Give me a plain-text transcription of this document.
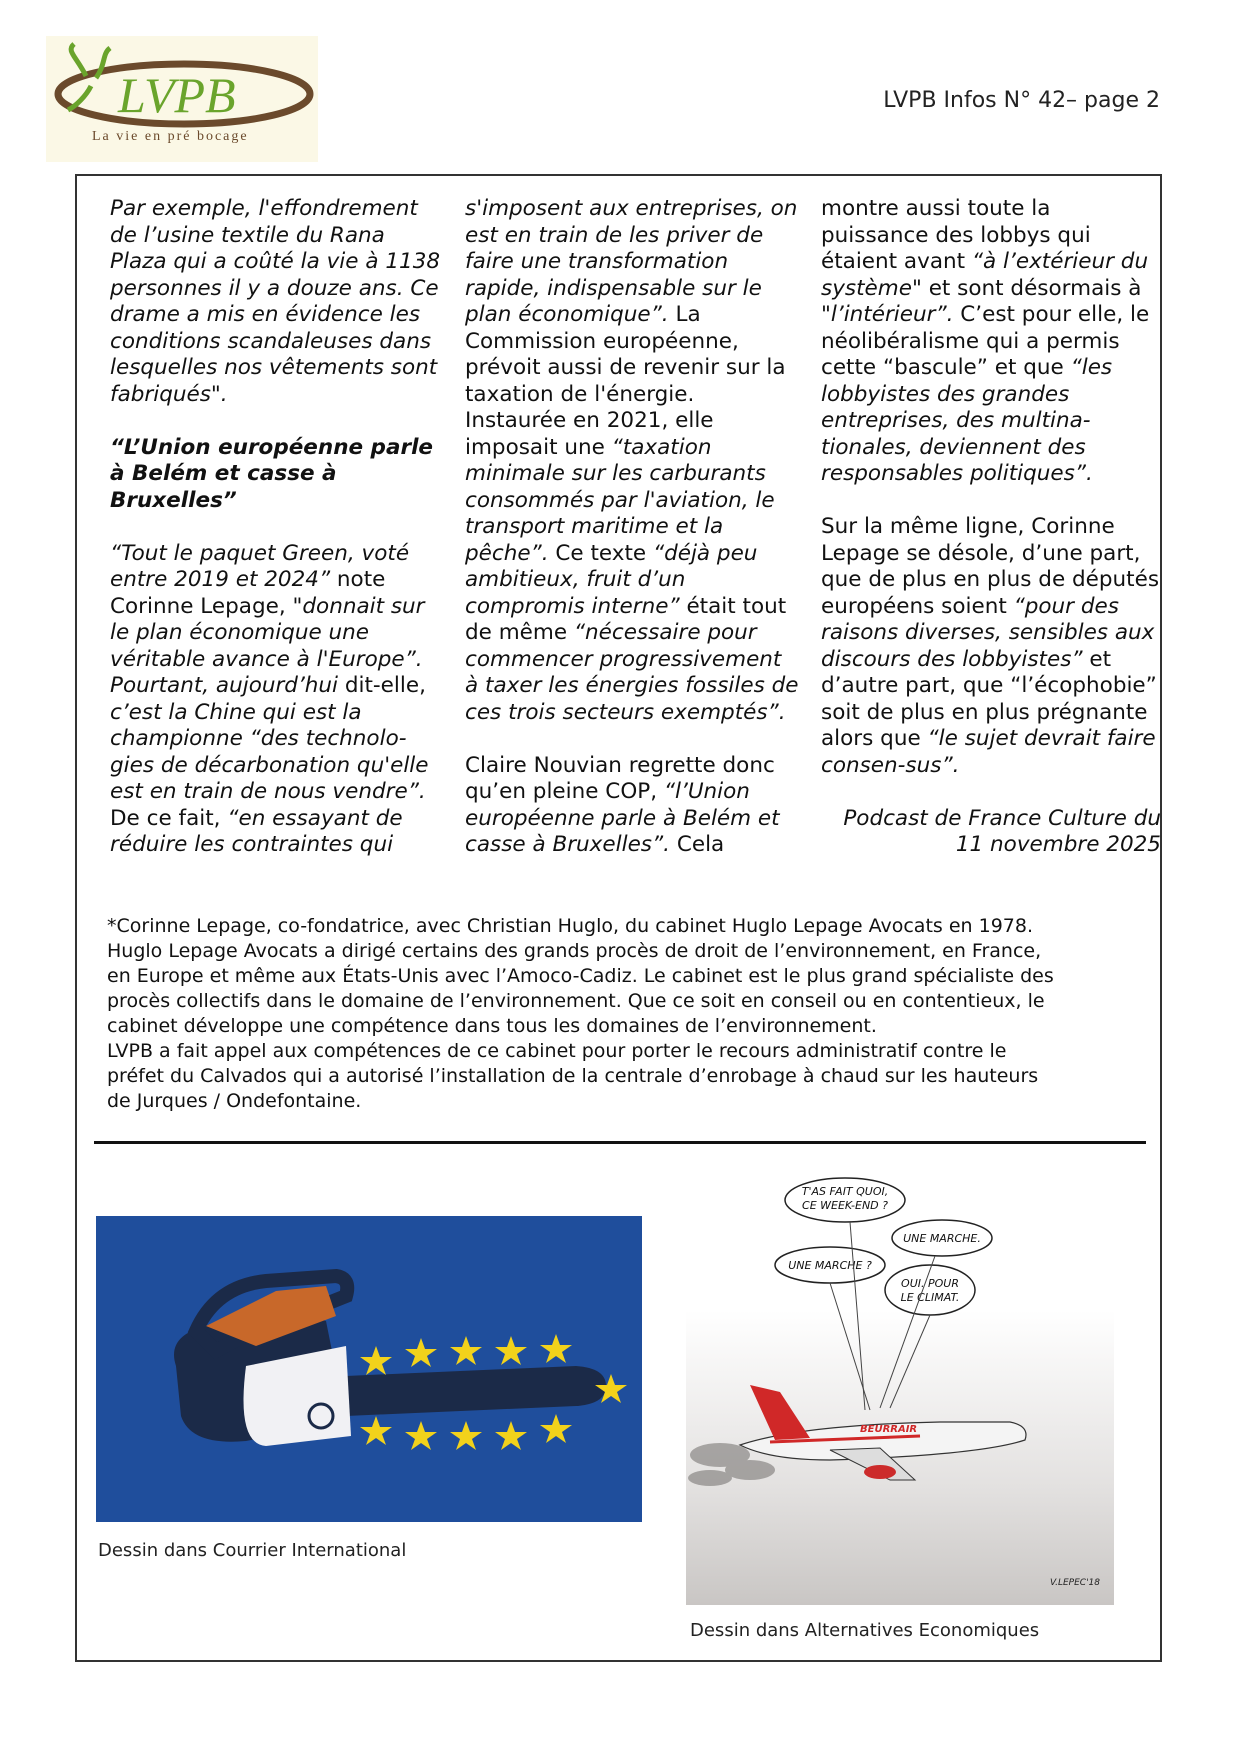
LVPB
La vie en pré bocage
LVPB Infos N° 42– page 2

Par exemple, l'effondrement de l’usine textile du Rana Plaza qui a coûté la vie à 1138 personnes il y a douze ans. Ce drame a mis en évidence les conditions scandaleuses dans lesquelles nos vêtements sont fabriqués".

“L’Union européenne parle à Belém et casse à Bruxelles”

“Tout le paquet Green, voté entre 2019 et 2024” note Corinne Lepage, "donnait sur le plan économique une véritable avance à l'Europe”. Pourtant, aujourd’hui dit-elle, c’est la Chine qui est la championne “des technolo-gies de décarbonation qu'elle est en train de nous vendre”. De ce fait, “en essayant de réduire les contraintes qui

s'imposent aux entreprises, on est en train de les priver de faire une transformation rapide, indispensable sur le plan économique”. La Commission européenne, prévoit aussi de revenir sur la taxation de l'énergie. Instaurée en 2021, elle imposait une “taxation minimale sur les carburants consommés par l'aviation, le transport maritime et la pêche”. Ce texte “déjà peu ambitieux, fruit d’un compromis interne” était tout de même “nécessaire pour commencer progressivement à taxer les énergies fossiles de ces trois secteurs exemptés”.

Claire Nouvian regrette donc qu’en pleine COP, “l’Union européenne parle à Belém et casse à Bruxelles”. Cela

montre aussi toute la puissance des lobbys qui étaient avant “à l’extérieur du système" et sont désormais à "l’intérieur”. C’est pour elle, le néolibéralisme qui a permis cette “bascule” et que “les lobbyistes des grandes entreprises, des multina-tionales, deviennent des responsables politiques”.

Sur la même ligne, Corinne Lepage se désole, d’une part, que de plus en plus de députés européens soient “pour des raisons diverses, sensibles aux discours des lobbyistes” et d’autre part, que “l’écophobie” soit de plus en plus prégnante alors que “le sujet devrait faire consen-sus”.

Podcast de France Culture du
11 novembre 2025

*Corinne Lepage, co-fondatrice, avec Christian Huglo, du cabinet Huglo Lepage Avocats en 1978.

Huglo Lepage Avocats a dirigé certains des grands procès de droit de l’environnement, en France,

en Europe et même aux États-Unis avec l’Amoco-Cadiz. Le cabinet est le plus grand spécialiste des

procès collectifs dans le domaine de l’environnement. Que ce soit en conseil ou en contentieux, le

cabinet développe une compétence dans tous les domaines de l’environnement.

LVPB a fait appel aux compétences de ce cabinet pour porter le recours administratif contre le

préfet du Calvados qui a autorisé l’installation de la centrale d’enrobage à chaud sur les hauteurs

de Jurques / Ondefontaine.

Dessin dans Courrier International
T'AS FAIT QUOI,
CE WEEK-END ?
UNE MARCHE.
UNE MARCHE ?
OUI. POUR
LE CLIMAT.
BEURRAIR
V.LEPEC'18
Dessin dans Alternatives Economiques
